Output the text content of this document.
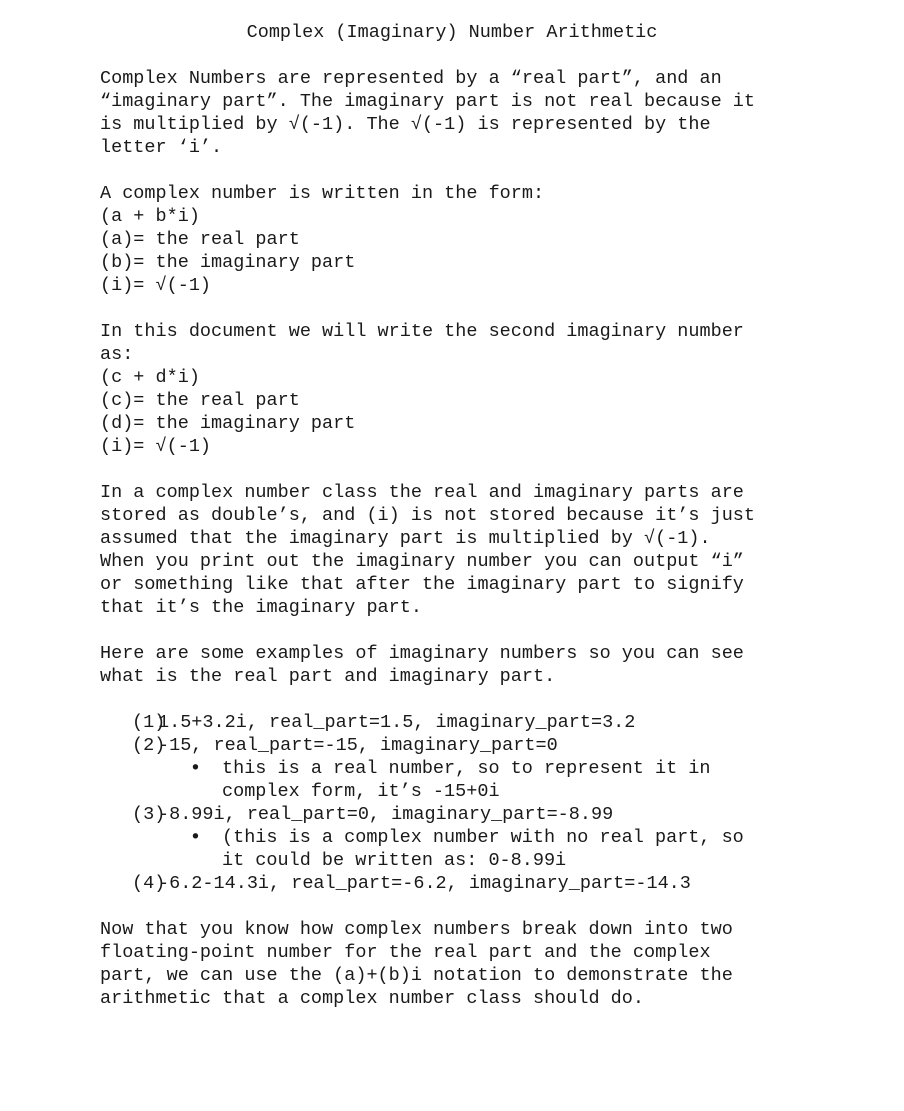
Complex (Imaginary) Number Arithmetic

Complex Numbers are represented by a “real part”, and an
“imaginary part”. The imaginary part is not real because it
is multiplied by √(-1). The √(-1) is represented by the
letter ‘i’.

A complex number is written in the form:

(a + b*i)

(a)= the real part

(b)= the imaginary part

(i)= √(-1)

In this document we will write the second imaginary number
as:

(c + d*i)

(c)= the real part

(d)= the imaginary part

(i)= √(-1)

In a complex number class the real and imaginary parts are
stored as double’s, and (i) is not stored because it’s just
assumed that the imaginary part is multiplied by √(-1).
When you print out the imaginary number you can output “i”
or something like that after the imaginary part to signify
that it’s the imaginary part.

Here are some examples of imaginary numbers so you can see
what is the real part and imaginary part.

(1)
1.5+3.2i, real_part=1.5, imaginary_part=3.2
(2)
-15, real_part=-15, imaginary_part=0
•	this is a real number, so to represent it in
complex form, it’s -15+0i
(3)
-8.99i, real_part=0, imaginary_part=-8.99
•	(this is a complex number with no real part, so
it could be written as: 0-8.99i
(4)
-6.2-14.3i, real_part=-6.2, imaginary_part=-14.3

Now that you know how complex numbers break down into two
floating-point number for the real part and the complex
part, we can use the (a)+(b)i notation to demonstrate the
arithmetic that a complex number class should do.
